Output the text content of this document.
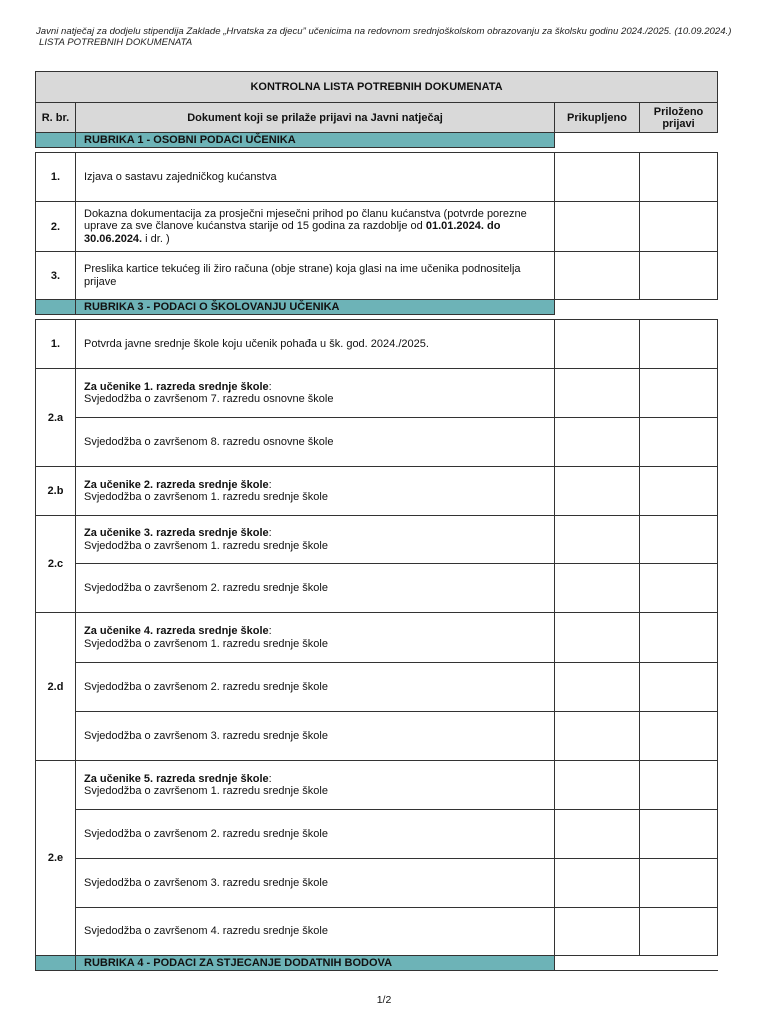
Javni natječaj za dodjelu stipendija Zaklade „Hrvatska za djecu” učenicima na redovnom srednjoškolskom obrazovanju za školsku godinu 2024./2025. (10.09.2024.)
LISTA POTREBNIH DOKUMENATA
KONTROLNA LISTA POTREBNIH DOKUMENATA			
R. br.	Dokument koji se prilaže prijavi na Javni natječaj	Prikupljeno	Priloženo prijavi
	RUBRIKA 1 - OSOBNI PODACI UČENIKA		

1.	Izjava o sastavu zajedničkog kućanstva		
2.	Dokazna dokumentacija za prosječni mjesečni prihod po članu kućanstva (potvrde porezne uprave za sve članove kućanstva starije od 15 godina za razdoblje od 01.01.2024. do 30.06.2024. i dr. )		
3.	Preslika kartice tekućeg ili žiro računa (obje strane) koja glasi na ime učenika podnositelja prijave		
	RUBRIKA 3 - PODACI O ŠKOLOVANJU UČENIKA		

1.	Potvrda javne srednje škole koju učenik pohađa u šk. god. 2024./2025.		
2.a	Za učenike 1. razreda srednje škole:
Svjedodžba o završenom 7. razredu osnovne škole		
	Svjedodžba o završenom 8. razredu osnovne škole		
2.b	Za učenike 2. razreda srednje škole:
Svjedodžba o završenom 1. razredu srednje škole		
2.c	Za učenike 3. razreda srednje škole:
Svjedodžba o završenom 1. razredu srednje škole		
	Svjedodžba o završenom 2. razredu srednje škole		
2.d	Za učenike 4. razreda srednje škole:
Svjedodžba o završenom 1. razredu srednje škole		
	Svjedodžba o završenom 2. razredu srednje škole		
	Svjedodžba o završenom 3. razredu srednje škole		
2.e	Za učenike 5. razreda srednje škole:
Svjedodžba o završenom 1. razredu srednje škole		
	Svjedodžba o završenom 2. razredu srednje škole		
	Svjedodžba o završenom 3. razredu srednje škole		
	Svjedodžba o završenom 4. razredu srednje škole		
	RUBRIKA 4 - PODACI ZA STJECANJE DODATNIH BODOVA		
1/2
